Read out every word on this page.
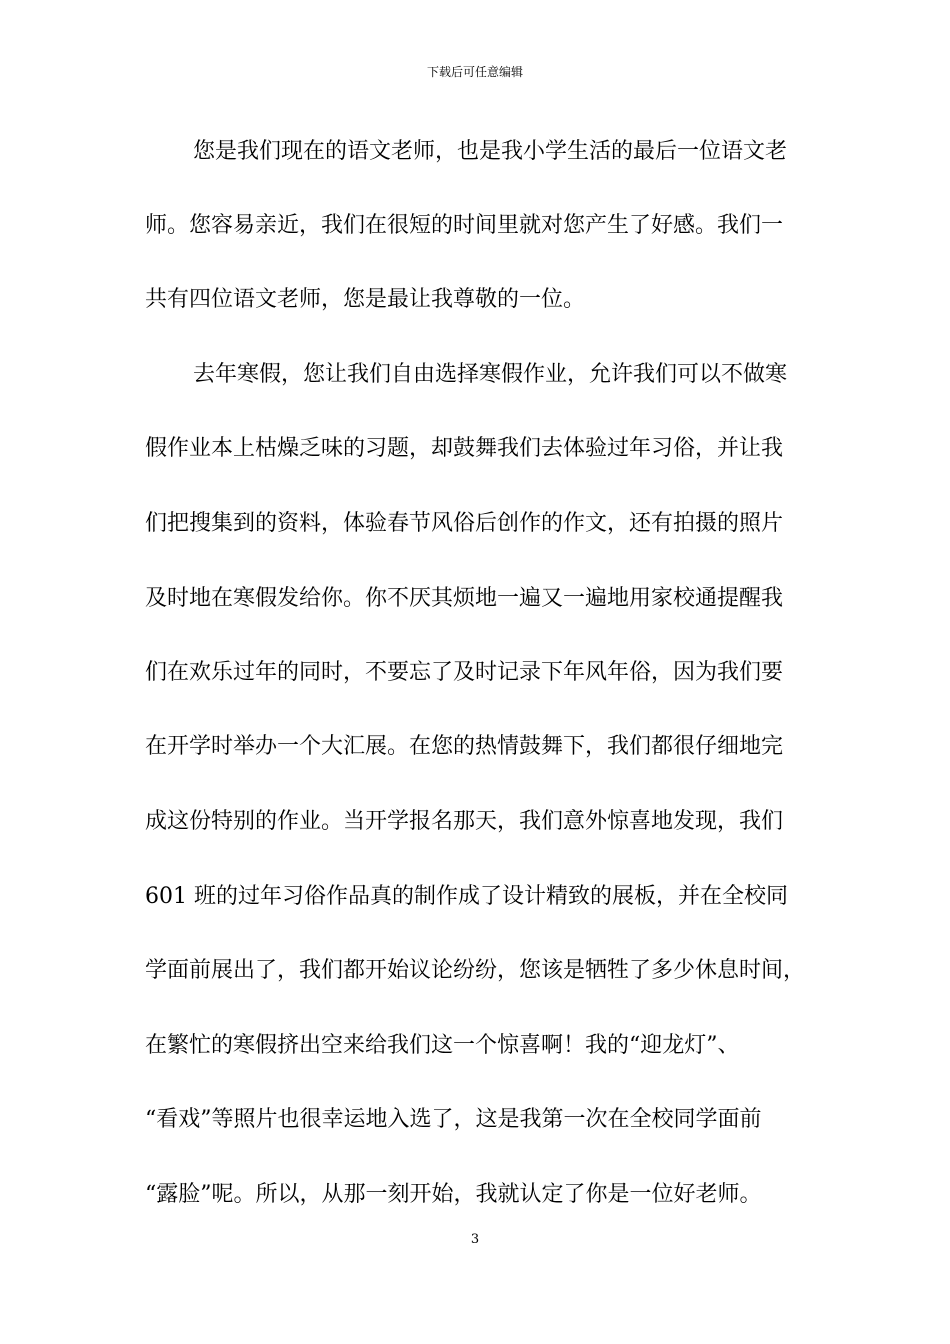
下载后可任意编辑
您是我们现在的语文老师，也是我小学生活的最后一位语文老
师。您容易亲近，我们在很短的时间里就对您产生了好感。我们一
共有四位语文老师，您是最让我尊敬的一位。
去年寒假，您让我们自由选择寒假作业，允许我们可以不做寒
假作业本上枯燥乏味的习题，却鼓舞我们去体验过年习俗，并让我
们把搜集到的资料，体验春节风俗后创作的作文，还有拍摄的照片
及时地在寒假发给你。你不厌其烦地一遍又一遍地用家校通提醒我
们在欢乐过年的同时，不要忘了及时记录下年风年俗，因为我们要
在开学时举办一个大汇展。在您的热情鼓舞下，我们都很仔细地完
成这份特别的作业。当开学报名那天，我们意外惊喜地发现，我们
601 班的过年习俗作品真的制作成了设计精致的展板，并在全校同
学面前展出了，我们都开始议论纷纷，您该是牺牲了多少休息时间，
在繁忙的寒假挤出空来给我们这一个惊喜啊！我的“迎龙灯”、
“看戏”等照片也很幸运地入选了，这是我第一次在全校同学面前
“露脸”呢。所以，从那一刻开始，我就认定了你是一位好老师。
3
